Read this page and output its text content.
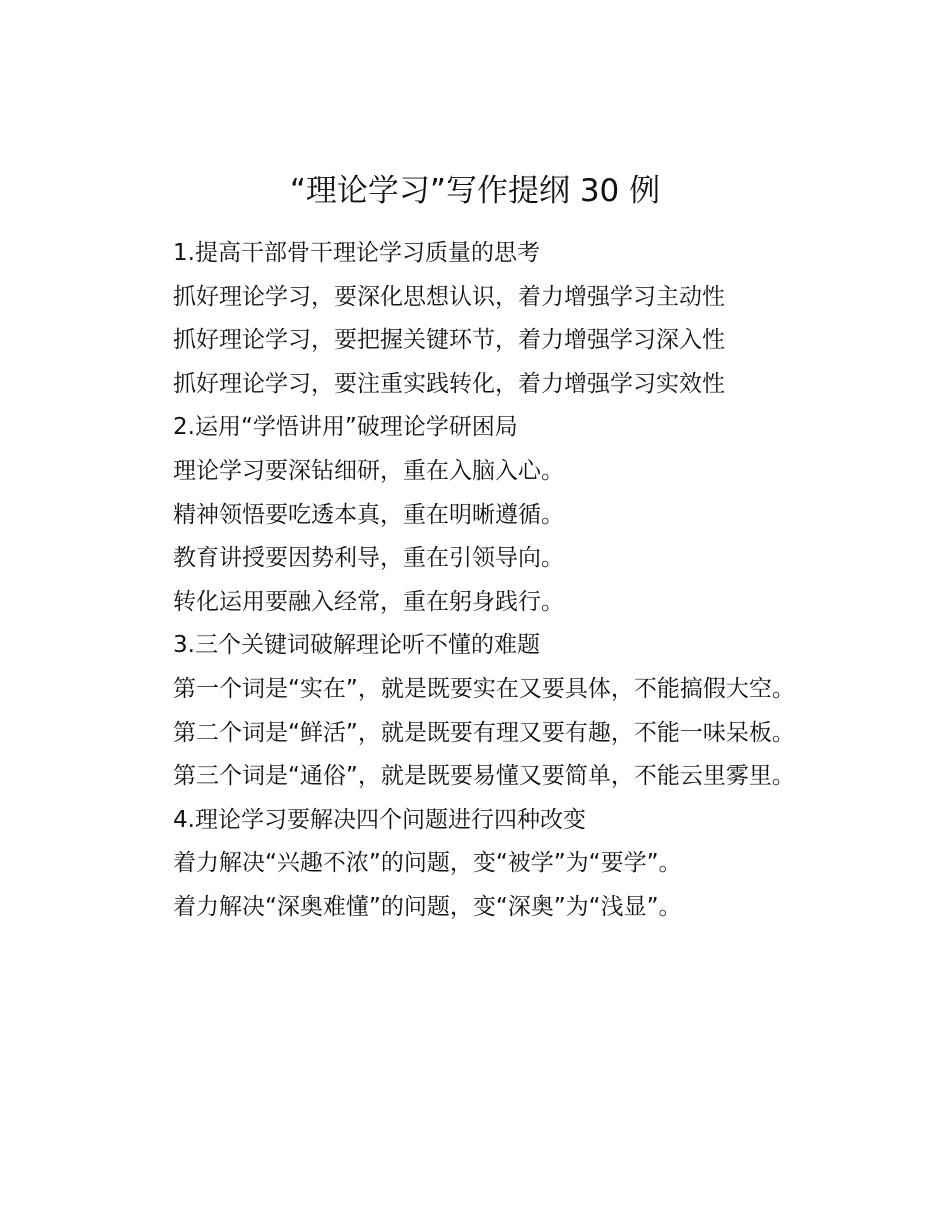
“理论学习”写作提纲 30 例

1.提高干部骨干理论学习质量的思考

抓好理论学习，要深化思想认识，着力增强学习主动性

抓好理论学习，要把握关键环节，着力增强学习深入性

抓好理论学习，要注重实践转化，着力增强学习实效性

2.运用“学悟讲用”破理论学研困局

理论学习要深钻细研，重在入脑入心。

精神领悟要吃透本真，重在明晰遵循。

教育讲授要因势利导，重在引领导向。

转化运用要融入经常，重在躬身践行。

3.三个关键词破解理论听不懂的难题

第一个词是“实在”，就是既要实在又要具体，不能搞假大空。

第二个词是“鲜活”，就是既要有理又要有趣，不能一味呆板。

第三个词是“通俗”，就是既要易懂又要简单，不能云里雾里。

4.理论学习要解决四个问题进行四种改变

着力解决“兴趣不浓”的问题，变“被学”为“要学”。

着力解决“深奥难懂”的问题，变“深奥”为“浅显”。
